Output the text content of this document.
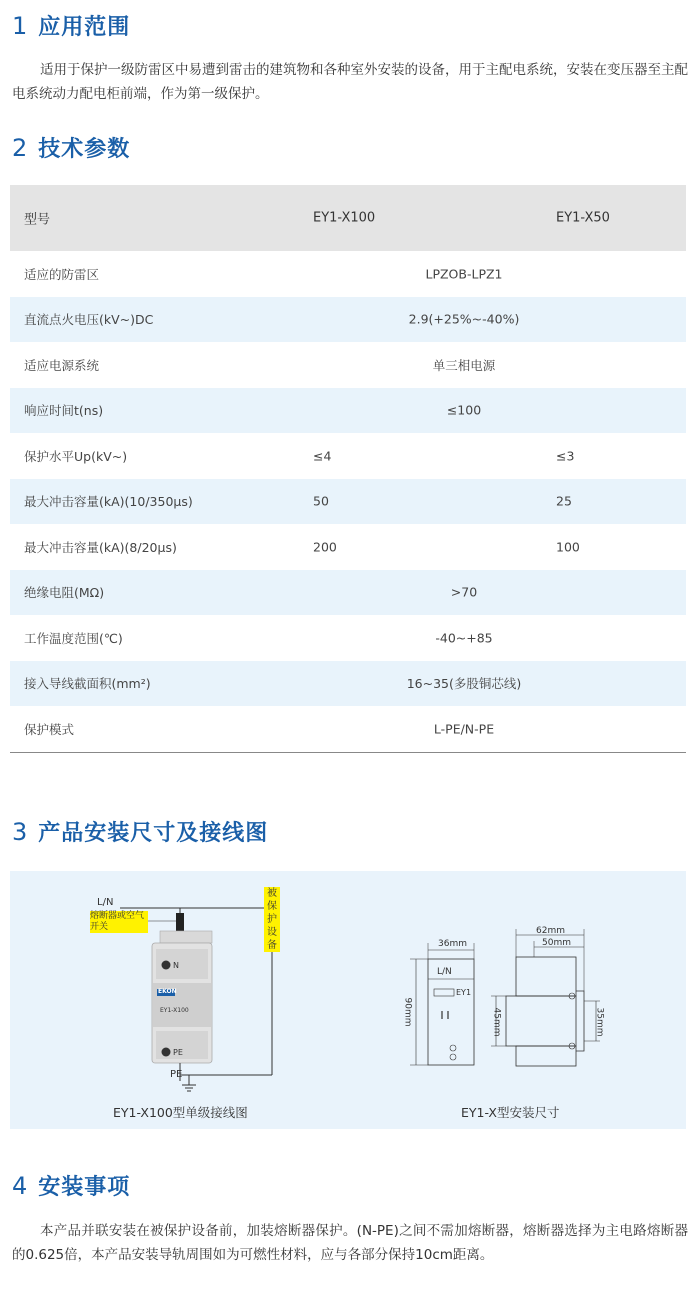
1 应用范围

适用于保护一级防雷区中易遭到雷击的建筑物和各种室外安装的设备，用于主配电系统，安装在变压器至主配电系统动力配电柜前端，作为第一级保护。

2 技术参数
型号	EY1-X100	EY1-X50
适应的防雷区	LPZOB-LPZ1
直流点火电压(kV~)DC	2.9(+25%~-40%)
适应电源系统	单三相电源
响应时间t(ns)	≤100
保护水平Up(kV~)	≤4	≤3
最大冲击容量(kA)(10/350μs)	50	25
最大冲击容量(kA)(8/20μs)	200	100
绝缘电阻(MΩ)	>70
工作温度范围(℃)	-40~+85
接入导线截面积(mm²)	16~35(多股铜芯线)
保护模式	L-PE/N-PE
3 产品安装尺寸及接线图
L/N
熔断器或空气
开关
被
保
护
设
备
N
EKON
EY1-X100
PE
PE
EY1-X100型单级接线图
36mm
62mm
50mm
90mm	45mm	35mm
L/N
EY1
EY1-X型安装尺寸
4 安装事项

本产品并联安装在被保护设备前，加装熔断器保护。(N-PE)之间不需加熔断器，熔断器选择为主电路熔断器的0.625倍，本产品安装导轨周围如为可燃性材料，应与各部分保持10cm距离。
